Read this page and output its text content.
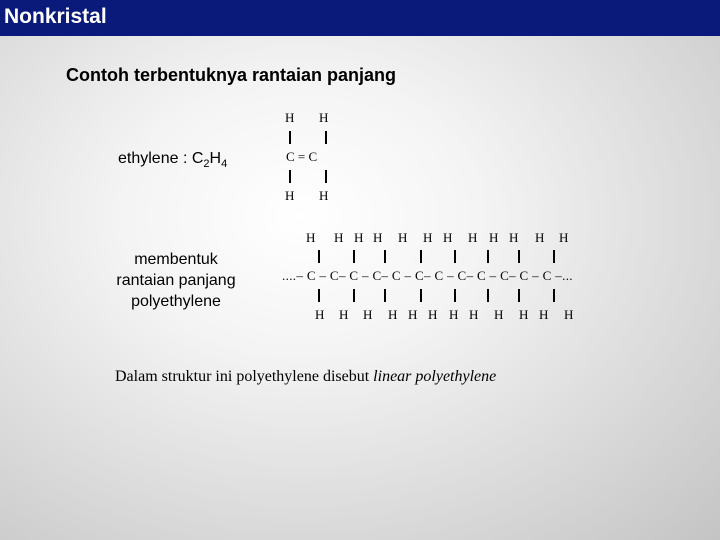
Nonkristal
Contoh terbentuknya rantaian panjang
ethylene : $C_2H_4$
H H
C = C
H H
membentuk
rantaian panjang
polyethylene
H H H H H H H H H H H H
....– C – C– C – C– C – C– C – C– C – C– C – C –...
H H H H H H H H H H H H
Dalam struktur ini polyethylene disebut linear polyethylene
